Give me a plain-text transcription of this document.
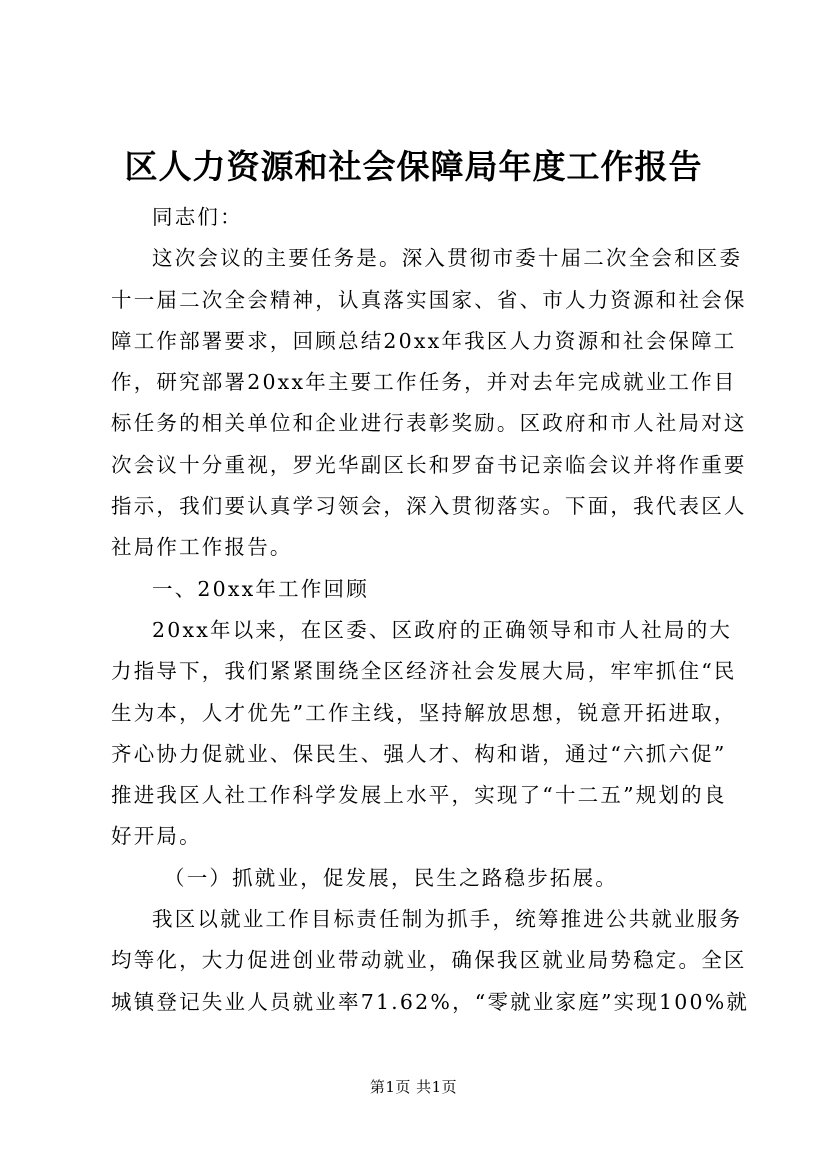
区人力资源和社会保障局年度工作报告
同志们：
这次会议的主要任务是。深入贯彻市委十届二次全会和区委
十一届二次全会精神，认真落实国家、省、市人力资源和社会保
障工作部署要求，回顾总结20xx年我区人力资源和社会保障工
作，研究部署20xx年主要工作任务，并对去年完成就业工作目
标任务的相关单位和企业进行表彰奖励。区政府和市人社局对这
次会议十分重视，罗光华副区长和罗奋书记亲临会议并将作重要
指示，我们要认真学习领会，深入贯彻落实。下面，我代表区人
社局作工作报告。
一、20xx年工作回顾
20xx年以来，在区委、区政府的正确领导和市人社局的大
力指导下，我们紧紧围绕全区经济社会发展大局，牢牢抓住“民
生为本，人才优先”工作主线，坚持解放思想，锐意开拓进取，
齐心协力促就业、保民生、强人才、构和谐，通过“六抓六促”
推进我区人社工作科学发展上水平，实现了“十二五”规划的良
好开局。
（一）抓就业，促发展，民生之路稳步拓展。
我区以就业工作目标责任制为抓手，统筹推进公共就业服务
均等化，大力促进创业带动就业，确保我区就业局势稳定。全区
城镇登记失业人员就业率71.62%，“零就业家庭”实现100%就
第1页 共1页
